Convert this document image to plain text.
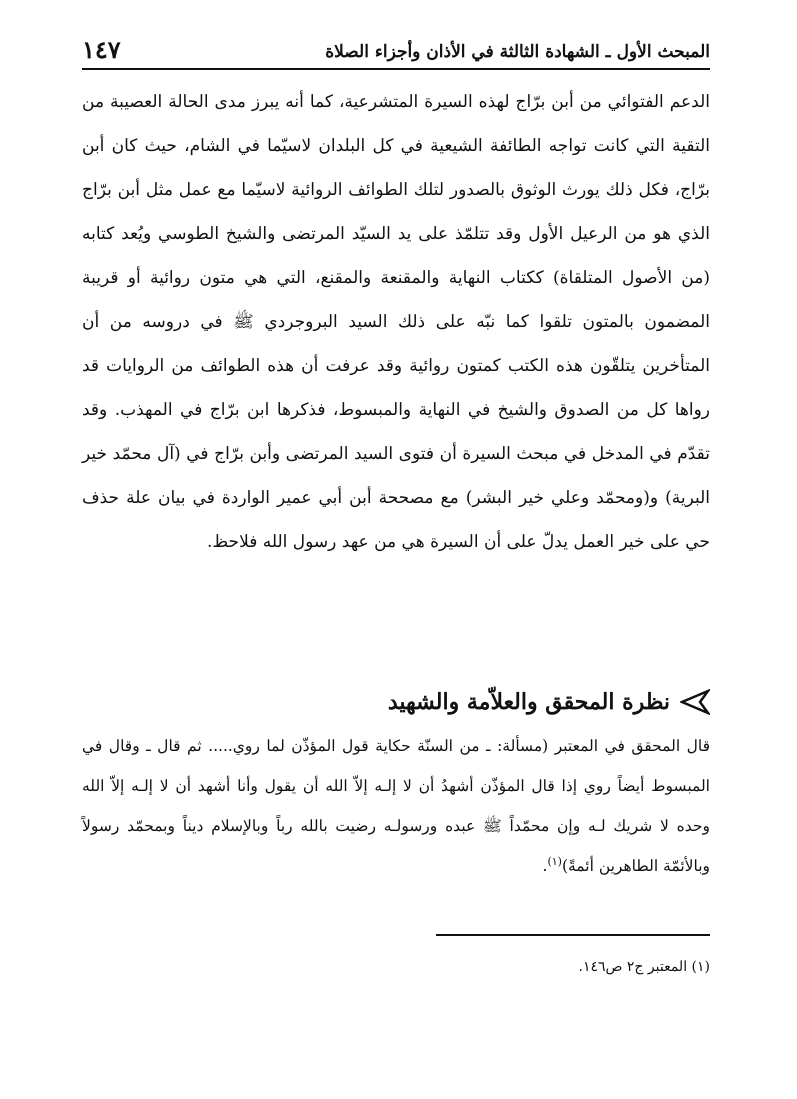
المبحث الأول ـ الشهادة الثالثة في الأذان وأجزاء الصلاة
١٤٧

الدعم الفتوائي من أبن برّاج لهذه السيرة المتشرعية، كما أنه يبرز مدى الحالة العصيبة من التقية التي كانت تواجه الطائفة الشيعية في كل البلدان لاسيّما في الشام، حيث كان أبن برّاج، فكل ذلك يورث الوثوق بالصدور لتلك الطوائف الروائية لاسيّما مع عمل مثل أبن برّاج الذي هو من الرعيل الأول وقد تتلمّذ على يد السيّد المرتضى والشيخ الطوسي ويُعد كتابه (من الأصول المتلقاة) ككتاب النهاية والمقنعة والمقنع، التي هي متون روائية أو قريبة المضمون بالمتون تلقوا كما نبّه على ذلك السيد البروجردي ﷺ في دروسه من أن المتأخرين يتلقّون هذه الكتب كمتون روائية وقد عرفت أن هذه الطوائف من الروايات قد رواها كل من الصدوق والشيخ في النهاية والمبسوط، فذكرها ابن برّاج في المهذب. وقد تقدّم في المدخل في مبحث السيرة أن فتوى السيد المرتضى وأبن برّاج في (آل محمّد خير البرية) و(ومحمّد وعلي خير البشر) مع مصححة أبن أبي عمير الواردة في بيان علة حذف حي على خير العمل يدلّ على أن السيرة هي من عهد رسول الله فلاحظ.

نظرة المحقق والعلاّمة والشهيد

قال المحقق في المعتبر (مسألة: ـ من السنّة حكاية قول المؤذّن لما روي..... ثم قال ـ وقال في المبسوط أيضاً روي إذا قال المؤذّن أشهدُ أن لا إلـه إلاّ الله أن يقول وأنا أشهد أن لا إلـه إلاّ الله وحده لا شريك لـه وإن محمّداً ﷺ عبده ورسولـه رضيت بالله رباً وبالإسلام ديناً وبمحمّد رسولاً وبالأئمّة الطاهرين أئمةً)$^{(١)}$.

(١) المعتبر ج٢ ص١٤٦.
